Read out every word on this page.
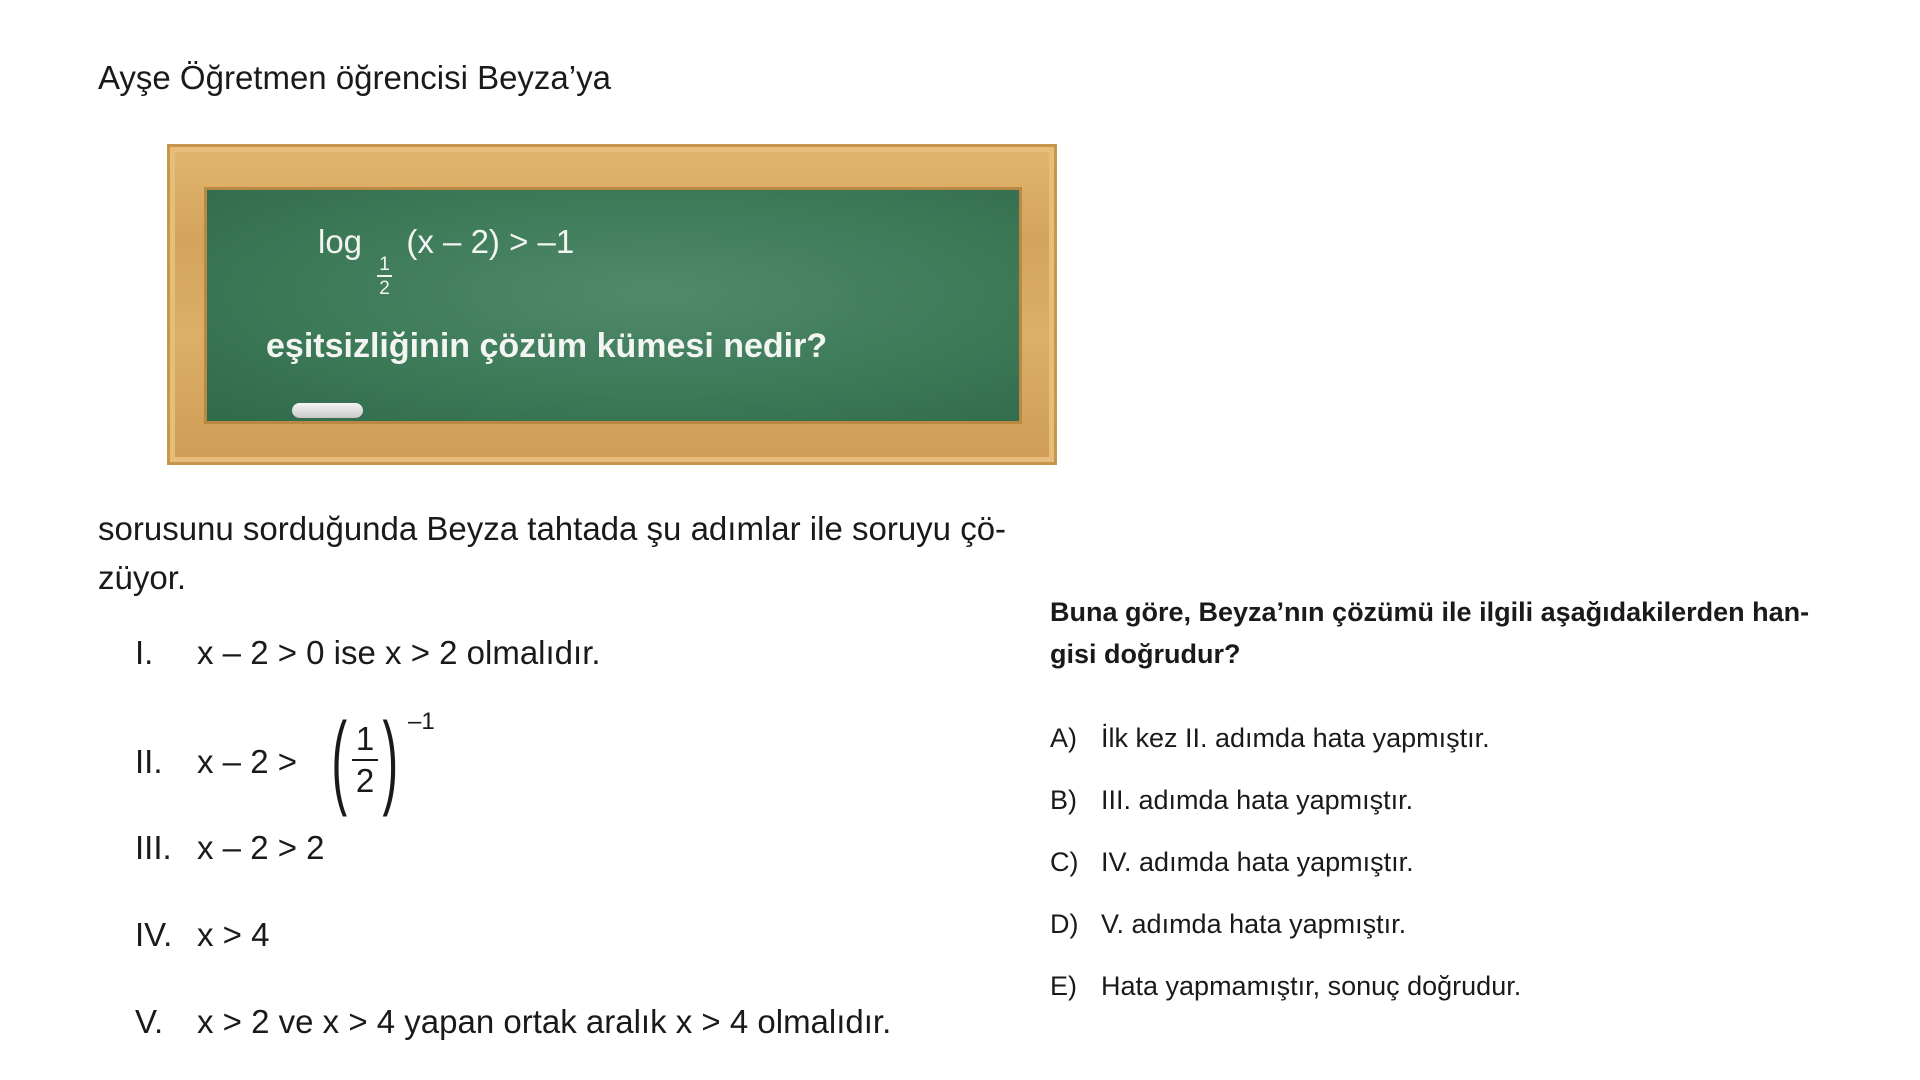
Ayşe Öğretmen öğrencisi Beyza’ya
log
$\frac{1}{2}$
(x – 2) > –1
eşitsizliğinin çözüm kümesi nedir?
sorusunu sorduğunda Beyza tahtada şu adımlar ile soruyu çö-
züyor.
I. x – 2 > 0 ise x > 2 olmalıdır.
II. x – 2 > ( $\frac{1}{2}$ ) –1
III. x – 2 > 2
IV. x > 4
V. x > 2 ve x > 4 yapan ortak aralık x > 4 olmalıdır.
Buna göre, Beyza’nın çözümü ile ilgili aşağıdakilerden han-
gisi doğrudur?
A) İlk kez II. adımda hata yapmıştır.
B) III. adımda hata yapmıştır.
C) IV. adımda hata yapmıştır.
D) V. adımda hata yapmıştır.
E) Hata yapmamıştır, sonuç doğrudur.
